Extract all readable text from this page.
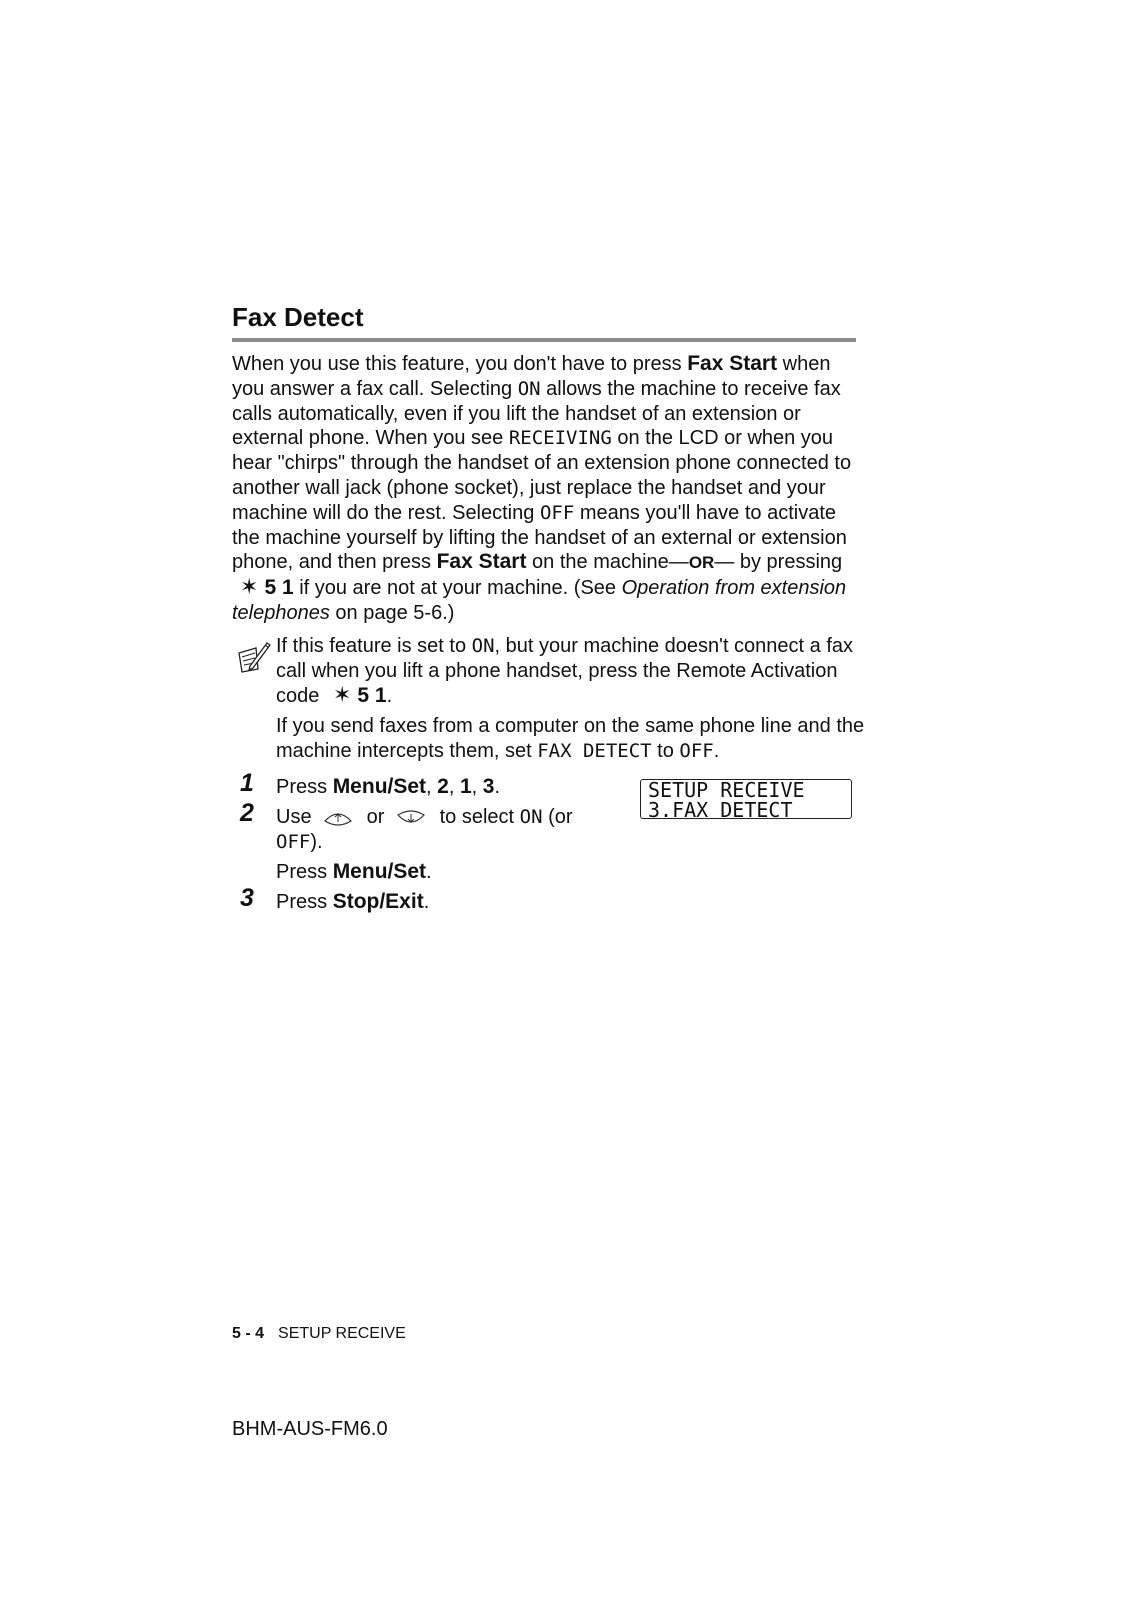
Fax Detect

When you use this feature, you don't have to press Fax Start when you answer a fax call. Selecting ON allows the machine to receive fax calls automatically, even if you lift the handset of an extension or external phone. When you see RECEIVING on the LCD or when you hear "chirps" through the handset of an extension phone connected to another wall jack (phone socket), just replace the handset and your machine will do the rest. Selecting OFF means you'll have to activate the machine yourself by lifting the handset of an external or extension phone, and then press Fax Start on the machine—OR— by pressing ✶ 5 1 if you are not at your machine. (See Operation from extension telephones on page 5-6.)

If this feature is set to ON, but your machine doesn't connect a fax call when you lift a phone handset, press the Remote Activation code ✶ 5 1.

If you send faxes from a computer on the same phone line and the machine intercepts them, set FAX DETECT to OFF.

1 Press Menu/Set, 2, 1, 3.

2 Use  or  to select ON (or
OFF).

Press Menu/Set.

3 Press Stop/Exit.

SETUP RECEIVE
3.FAX DETECT
5 - 4 SETUP RECEIVE
BHM-AUS-FM6.0
